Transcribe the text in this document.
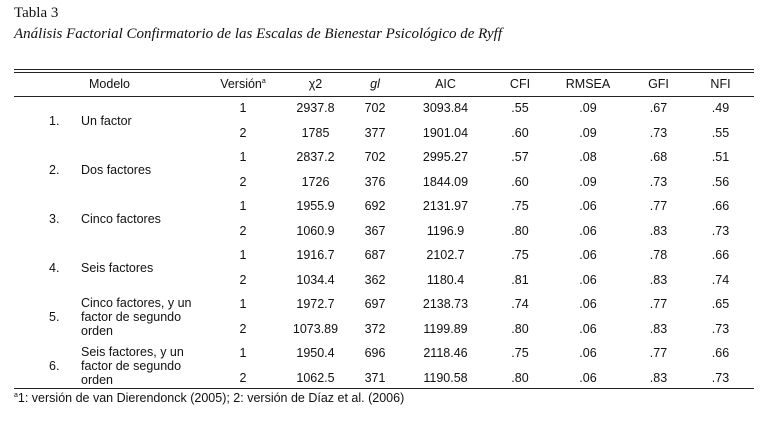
Tabla 3
Análisis Factorial Confirmatorio de las Escalas de Bienestar Psicológico de Ryff
Modelo		Versión$^a$	χ2	gl	AIC	CFI	RMSEA	GFI	NFI
1.	Un factor	1	2937.8	702	3093.84	.55	.09	.67	.49
		2	1785	377	1901.04	.60	.09	.73	.55
2.	Dos factores	1	2837.2	702	2995.27	.57	.08	.68	.51
		2	1726	376	1844.09	.60	.09	.73	.56
3.	Cinco factores	1	1955.9	692	2131.97	.75	.06	.77	.66
		2	1060.9	367	1196.9	.80	.06	.83	.73
4.	Seis factores	1	1916.7	687	2102.7	.75	.06	.78	.66
		2	1034.4	362	1180.4	.81	.06	.83	.74
5.	Cinco factores, y un factor de segundo orden	1	1972.7	697	2138.73	.74	.06	.77	.65
		2	1073.89	372	1199.89	.80	.06	.83	.73
6.	Seis factores, y un factor de segundo orden	1	1950.4	696	2118.46	.75	.06	.77	.66
		2	1062.5	371	1190.58	.80	.06	.83	.73
$^a$1: versión de van Dierendonck (2005); 2: versión de Díaz et al. (2006)
